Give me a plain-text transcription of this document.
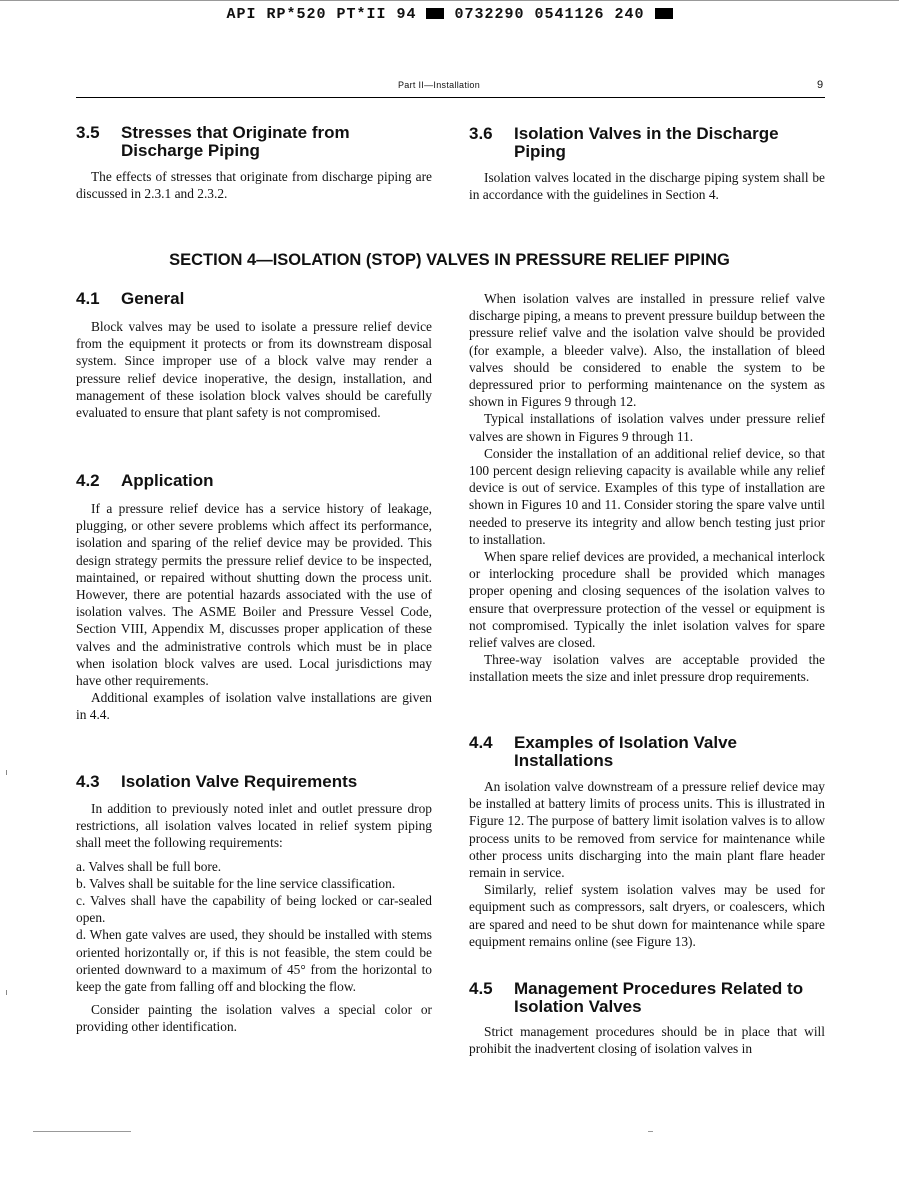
API RP*520 PT*II 94	0732290 0541126 240
Part II—Installation	9
3.5 Stresses that Originate from
Discharge Piping

The effects of stresses that originate from discharge piping are discussed in 2.3.1 and 2.3.2.

3.6 Isolation Valves in the Discharge
Piping

Isolation valves located in the discharge piping system shall be in accordance with the guidelines in Section 4.

SECTION 4—ISOLATION (STOP) VALVES IN PRESSURE RELIEF PIPING
4.1 General

Block valves may be used to isolate a pressure relief device from the equipment it protects or from its downstream disposal system. Since improper use of a block valve may render a pressure relief device inoperative, the design, installation, and management of these isolation block valves should be carefully evaluated to ensure that plant safety is not compromised.

4.2 Application

If a pressure relief device has a service history of leakage, plugging, or other severe problems which affect its performance, isolation and sparing of the relief device may be provided. This design strategy permits the pressure relief device to be inspected, maintained, or repaired without shutting down the process unit. However, there are potential hazards associated with the use of isolation valves. The ASME Boiler and Pressure Vessel Code, Section VIII, Appendix M, discusses proper application of these valves and the administrative controls which must be in place when isolation block valves are used. Local jurisdictions may have other requirements.

Additional examples of isolation valve installations are given in 4.4.

4.3 Isolation Valve Requirements

In addition to previously noted inlet and outlet pressure drop restrictions, all isolation valves located in relief system piping shall meet the following requirements:

a. Valves shall be full bore.

b. Valves shall be suitable for the line service classification.

c. Valves shall have the capability of being locked or car-sealed open.

d. When gate valves are used, they should be installed with stems oriented horizontally or, if this is not feasible, the stem could be oriented downward to a maximum of 45° from the horizontal to keep the gate from falling off and blocking the flow.

Consider painting the isolation valves a special color or providing other identification.

When isolation valves are installed in pressure relief valve discharge piping, a means to prevent pressure buildup between the pressure relief valve and the isolation valve should be provided (for example, a bleeder valve). Also, the installation of bleed valves should be considered to enable the system to be depressured prior to performing maintenance on the system as shown in Figures 9 through 12.

Typical installations of isolation valves under pressure relief valves are shown in Figures 9 through 11.

Consider the installation of an additional relief device, so that 100 percent design relieving capacity is available while any relief device is out of service. Examples of this type of installation are shown in Figures 10 and 11. Consider storing the spare valve until needed to preserve its integrity and allow bench testing just prior to installation.

When spare relief devices are provided, a mechanical interlock or interlocking procedure shall be provided which manages proper opening and closing sequences of the isolation valves to ensure that overpressure protection of the vessel or equipment is not compromised. Typically the inlet isolation valves for spare relief valves are closed.

Three-way isolation valves are acceptable provided the installation meets the size and inlet pressure drop requirements.

4.4 Examples of Isolation Valve
Installations

An isolation valve downstream of a pressure relief device may be installed at battery limits of process units. This is illustrated in Figure 12. The purpose of battery limit isolation valves is to allow process units to be removed from service for maintenance while other process units discharging into the main plant flare header remain in service.

Similarly, relief system isolation valves may be used for equipment such as compressors, salt dryers, or coalescers, which are spared and need to be shut down for maintenance while spare equipment remains online (see Figure 13).

4.5 Management Procedures Related to
Isolation Valves

Strict management procedures should be in place that will prohibit the inadvertent closing of isolation valves in
